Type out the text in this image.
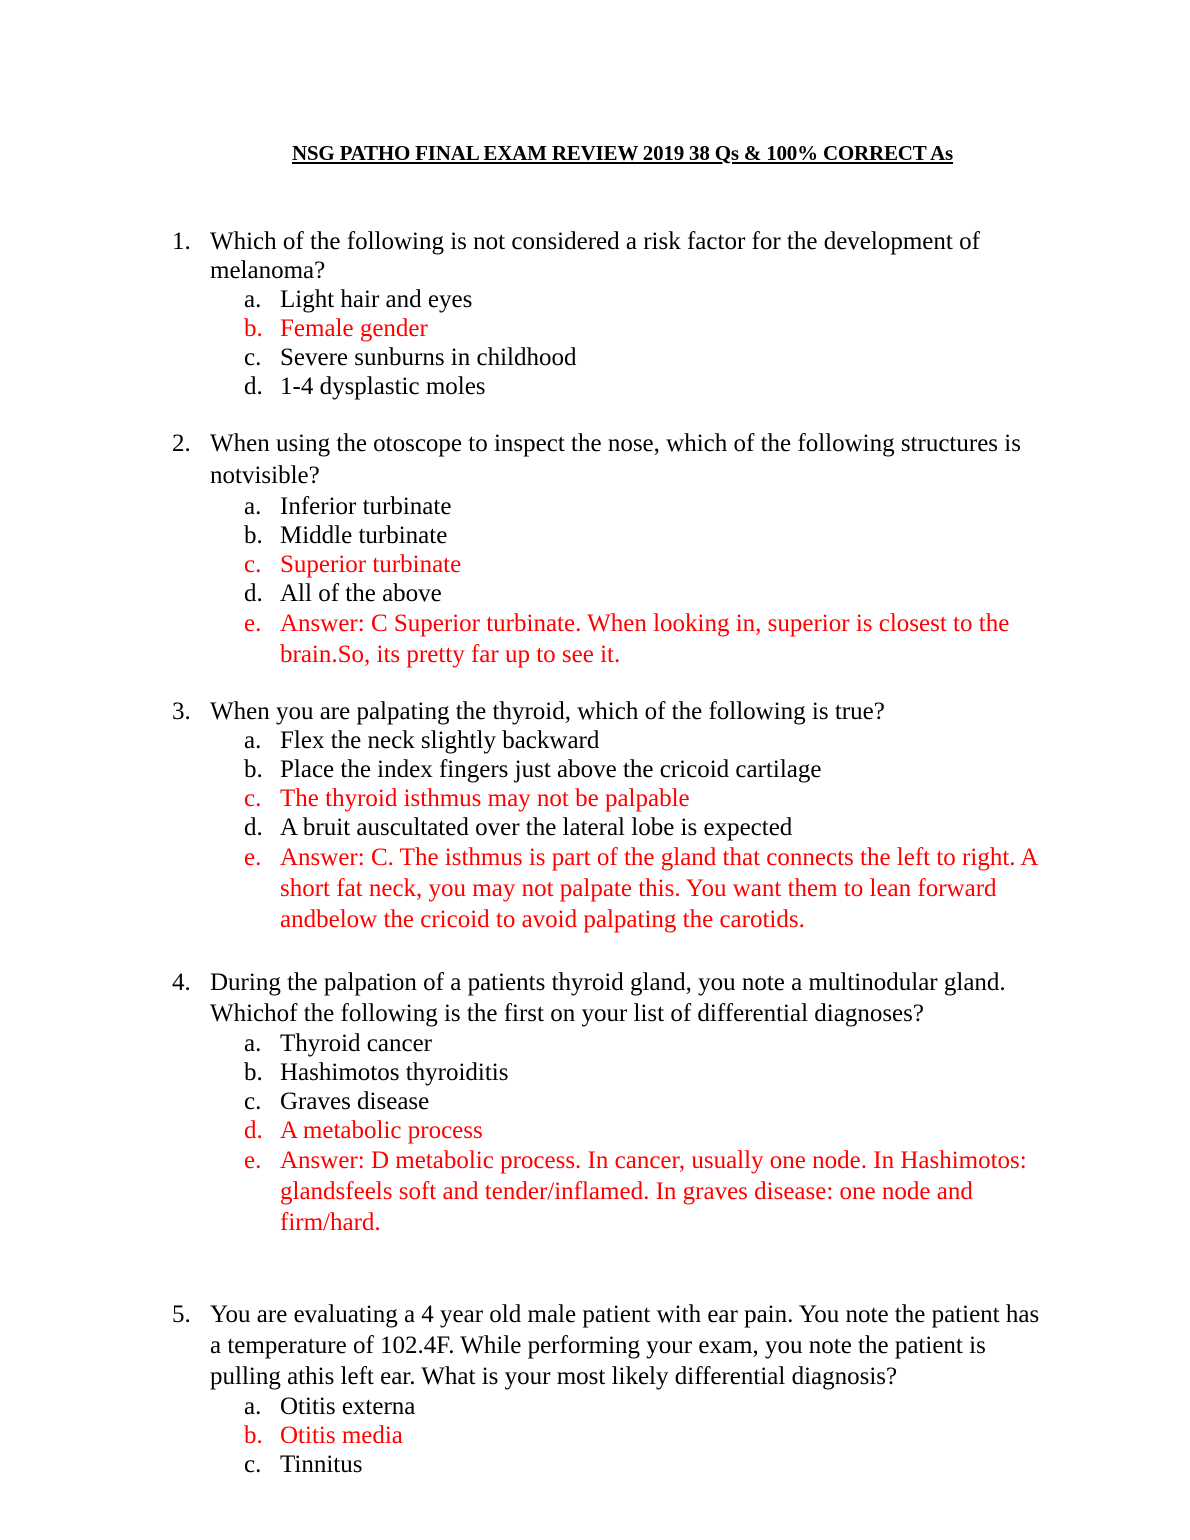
NSG PATHO FINAL EXAM REVIEW 2019 38 Qs & 100% CORRECT As
1. Which of the following is not considered a risk factor for the development of melanoma?
a. Light hair and eyes
b. Female gender
c. Severe sunburns in childhood
d. 1-4 dysplastic moles
2. When using the otoscope to inspect the nose, which of the following structures is notvisible?
a. Inferior turbinate
b. Middle turbinate
c. Superior turbinate
d. All of the above
e. Answer: C Superior turbinate. When looking in, superior is closest to the brain.So, its pretty far up to see it.
3. When you are palpating the thyroid, which of the following is true?
a. Flex the neck slightly backward
b. Place the index fingers just above the cricoid cartilage
c. The thyroid isthmus may not be palpable
d. A bruit auscultated over the lateral lobe is expected
e. Answer: C. The isthmus is part of the gland that connects the left to right. A short fat neck, you may not palpate this. You want them to lean forward andbelow the cricoid to avoid palpating the carotids.
4. During the palpation of a patients thyroid gland, you note a multinodular gland. Whichof the following is the first on your list of differential diagnoses?
a. Thyroid cancer
b. Hashimotos thyroiditis
c. Graves disease
d. A metabolic process
e. Answer: D metabolic process. In cancer, usually one node. In Hashimotos: glandsfeels soft and tender/inflamed. In graves disease: one node and firm/hard.
5. You are evaluating a 4 year old male patient with ear pain. You note the patient has a temperature of 102.4F. While performing your exam, you note the patient is pulling athis left ear. What is your most likely differential diagnosis?
a. Otitis externa
b. Otitis media
c. Tinnitus
